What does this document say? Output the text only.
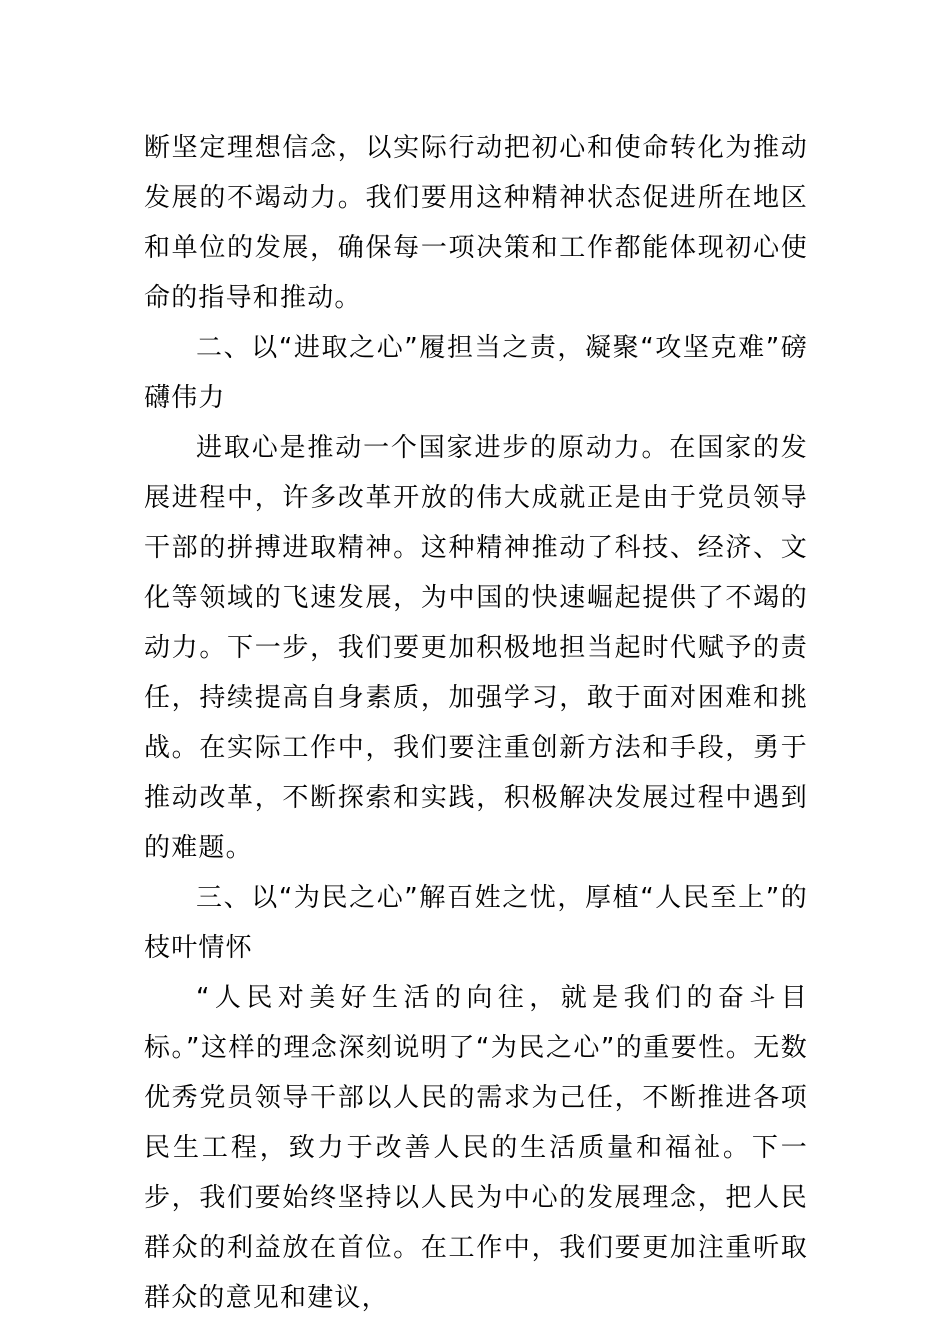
断坚定理想信念，以实际行动把初心和使命转化为推动发展的不竭动力。我们要用这种精神状态促进所在地区和单位的发展，确保每一项决策和工作都能体现初心使命的指导和推动。

二、以“进取之心”履担当之责，凝聚“攻坚克难”磅礴伟力

进取心是推动一个国家进步的原动力。在国家的发展进程中，许多改革开放的伟大成就正是由于党员领导干部的拼搏进取精神。这种精神推动了科技、经济、文化等领域的飞速发展，为中国的快速崛起提供了不竭的动力。下一步，我们要更加积极地担当起时代赋予的责任，持续提高自身素质，加强学习，敢于面对困难和挑战。在实际工作中，我们要注重创新方法和手段，勇于推动改革，不断探索和实践，积极解决发展过程中遇到的难题。

三、以“为民之心”解百姓之忧，厚植“人民至上”的枝叶情怀

“人民对美好生活的向往，就是我们的奋斗目标。”这样的理念深刻说明了“为民之心”的重要性。无数优秀党员领导干部以人民的需求为己任，不断推进各项民生工程，致力于改善人民的生活质量和福祉。下一步，我们要始终坚持以人民为中心的发展理念，把人民群众的利益放在首位。在工作中，我们要更加注重听取群众的意见和建议，
